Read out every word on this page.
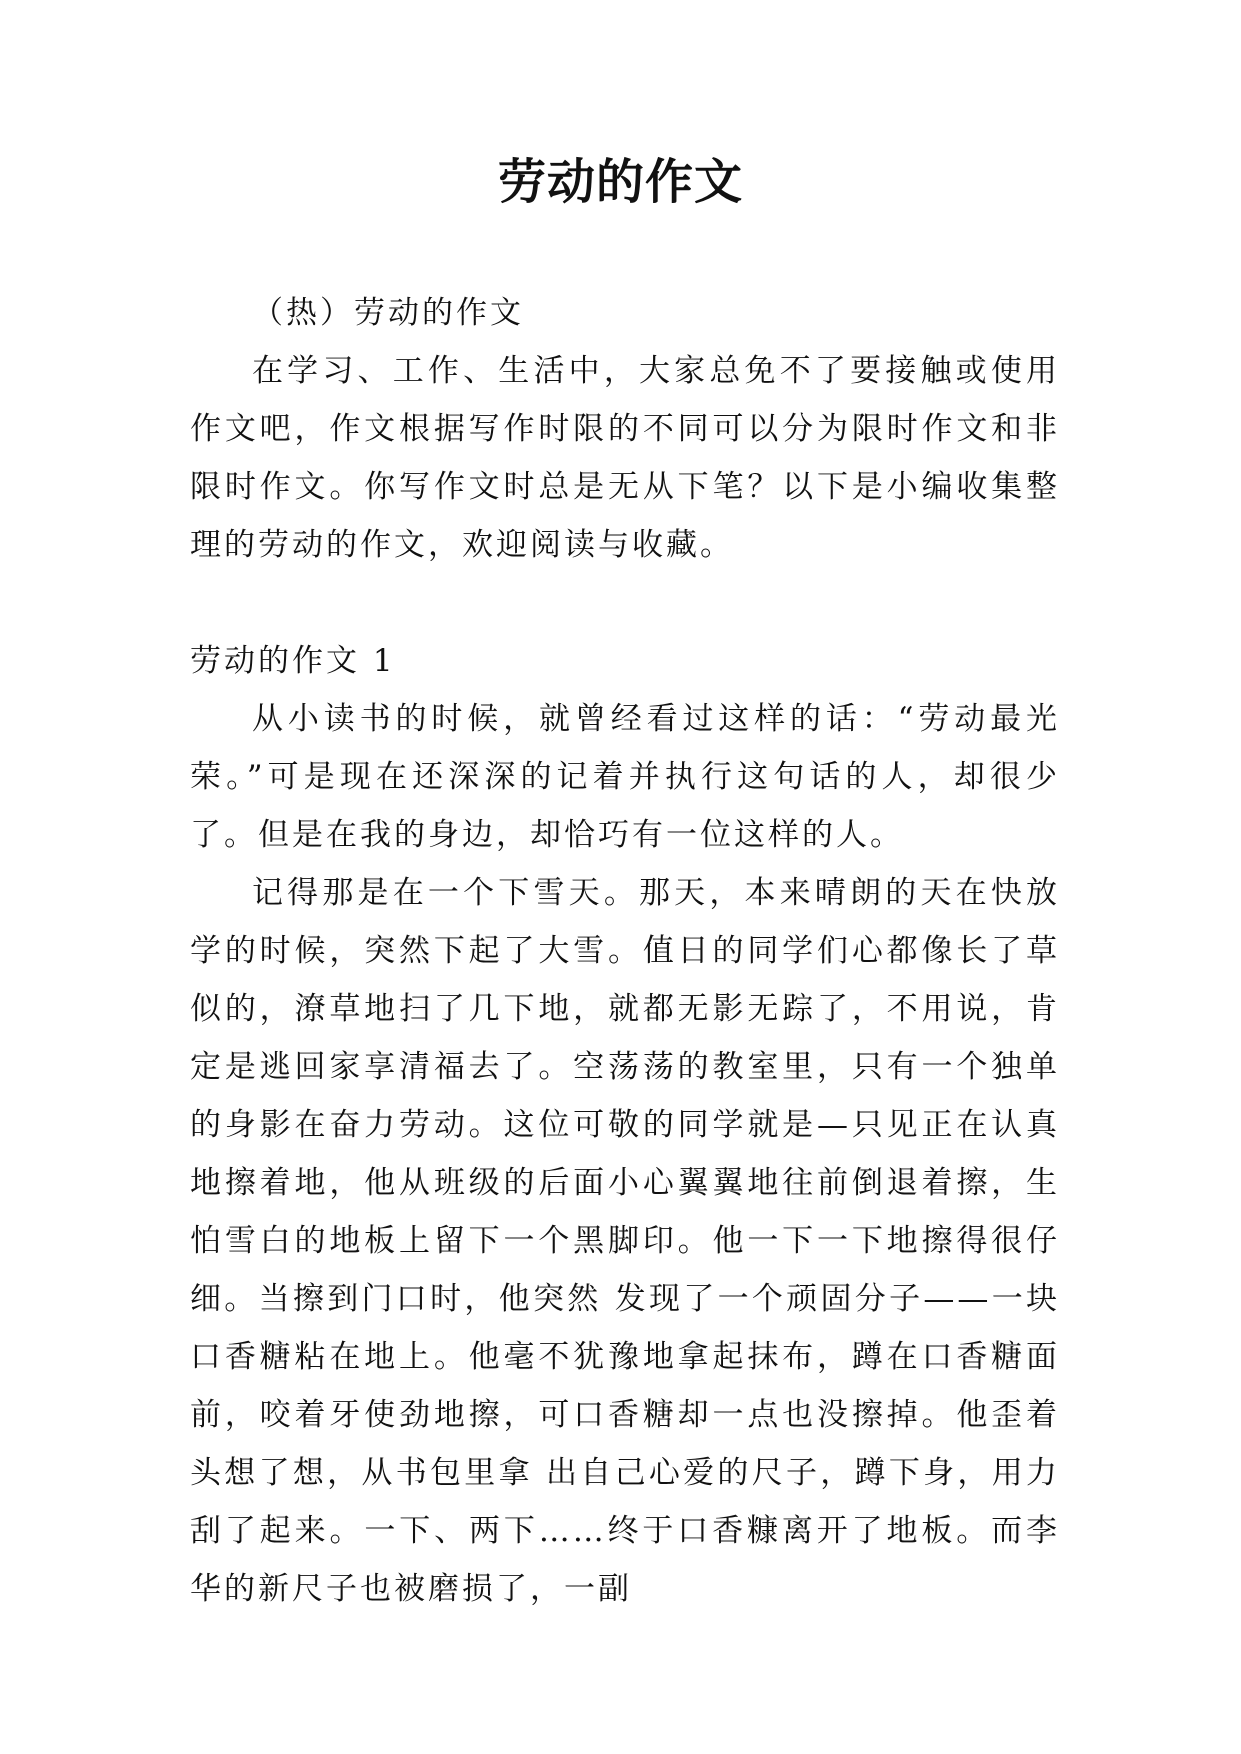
劳动的作文

（热）劳动的作文

在学习、工作、生活中，大家总免不了要接触或使用作文吧，作文根据写作时限的不同可以分为限时作文和非限时作文。你写作文时总是无从下笔？以下是小编收集整理的劳动的作文，欢迎阅读与收藏。

劳动的作文 1

从小读书的时候，就曾经看过这样的话：“劳动最光荣。”可是现在还深深的记着并执行这句话的人，却很少了。但是在我的身边，却恰巧有一位这样的人。

记得那是在一个下雪天。那天，本来晴朗的天在快放学的时候，突然下起了大雪。值日的同学们心都像长了草似的，潦草地扫了几下地，就都无影无踪了，不用说，肯定是逃回家享清福去了。空荡荡的教室里，只有一个独单的身影在奋力劳动。这位可敬的同学就是—只见正在认真地擦着地，他从班级的后面小心翼翼地往前倒退着擦，生怕雪白的地板上留下一个黑脚印。他一下一下地擦得很仔细。当擦到门口时，他突然 发现了一个顽固分子——一块口香糖粘在地上。他毫不犹豫地拿起抹布，蹲在口香糖面前，咬着牙使劲地擦，可口香糖却一点也没擦掉。他歪着头想了想，从书包里拿 出自己心爱的尺子，蹲下身，用力刮了起来。一下、两下……终于口香糠离开了地板。而李华的新尺子也被磨损了，一副
